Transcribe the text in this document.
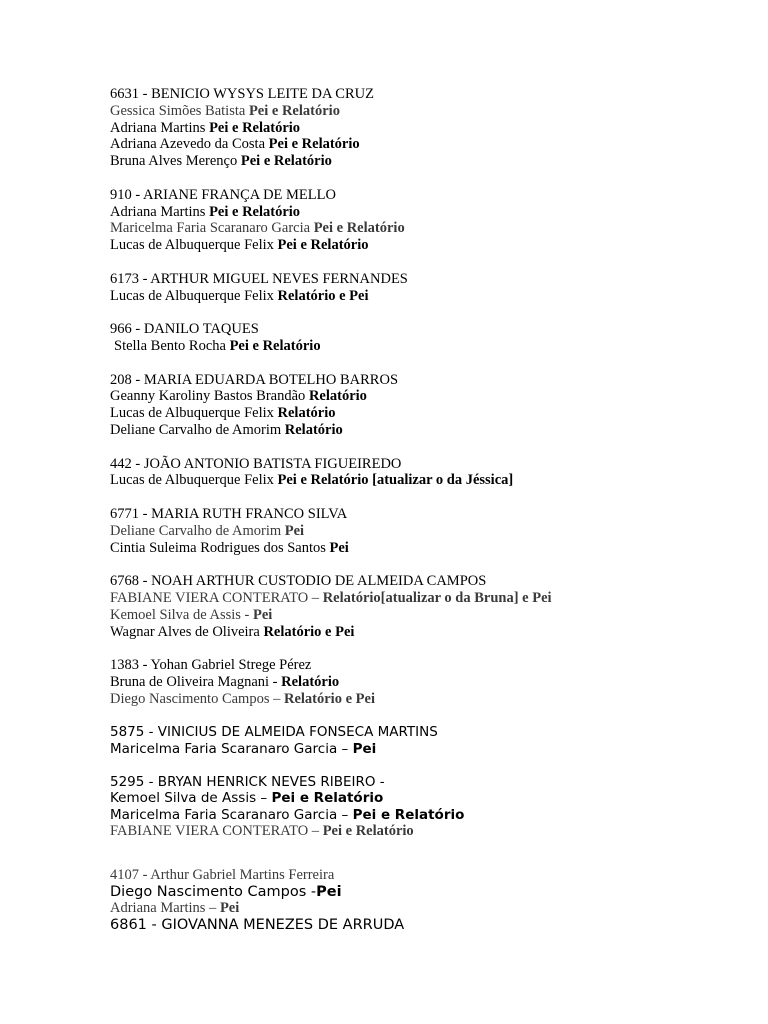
6631 - BENICIO WYSYS LEITE DA CRUZ
Gessica Simões Batista Pei e Relatório
Adriana Martins Pei e Relatório
Adriana Azevedo da Costa Pei e Relatório
Bruna Alves Merenço Pei e Relatório
910 - ARIANE FRANÇA DE MELLO
Adriana Martins Pei e Relatório
Maricelma Faria Scaranaro Garcia Pei e Relatório
Lucas de Albuquerque Felix Pei e Relatório
6173 - ARTHUR MIGUEL NEVES FERNANDES
Lucas de Albuquerque Felix Relatório e Pei
966 - DANILO TAQUES
Stella Bento Rocha Pei e Relatório
208 - MARIA EDUARDA BOTELHO BARROS
Geanny Karoliny Bastos Brandão Relatório
Lucas de Albuquerque Felix Relatório
Deliane Carvalho de Amorim Relatório
442 - JOÃO ANTONIO BATISTA FIGUEIREDO
Lucas de Albuquerque Felix Pei e Relatório [atualizar o da Jéssica]
6771 - MARIA RUTH FRANCO SILVA
Deliane Carvalho de Amorim Pei
Cintia Suleima Rodrigues dos Santos Pei
6768 - NOAH ARTHUR CUSTODIO DE ALMEIDA CAMPOS
FABIANE VIERA CONTERATO – Relatório[atualizar o da Bruna] e Pei
Kemoel Silva de Assis - Pei
Wagnar Alves de Oliveira Relatório e Pei
1383 - Yohan Gabriel Strege Pérez
Bruna de Oliveira Magnani - Relatório
Diego Nascimento Campos – Relatório e Pei
5875 - VINICIUS DE ALMEIDA FONSECA MARTINS
Maricelma Faria Scaranaro Garcia – Pei
5295 - BRYAN HENRICK NEVES RIBEIRO -
Kemoel Silva de Assis – Pei e Relatório
Maricelma Faria Scaranaro Garcia – Pei e Relatório
FABIANE VIERA CONTERATO – Pei e Relatório
4107 - Arthur Gabriel Martins Ferreira
Diego Nascimento Campos -Pei
Adriana Martins – Pei
6861 - GIOVANNA MENEZES DE ARRUDA
